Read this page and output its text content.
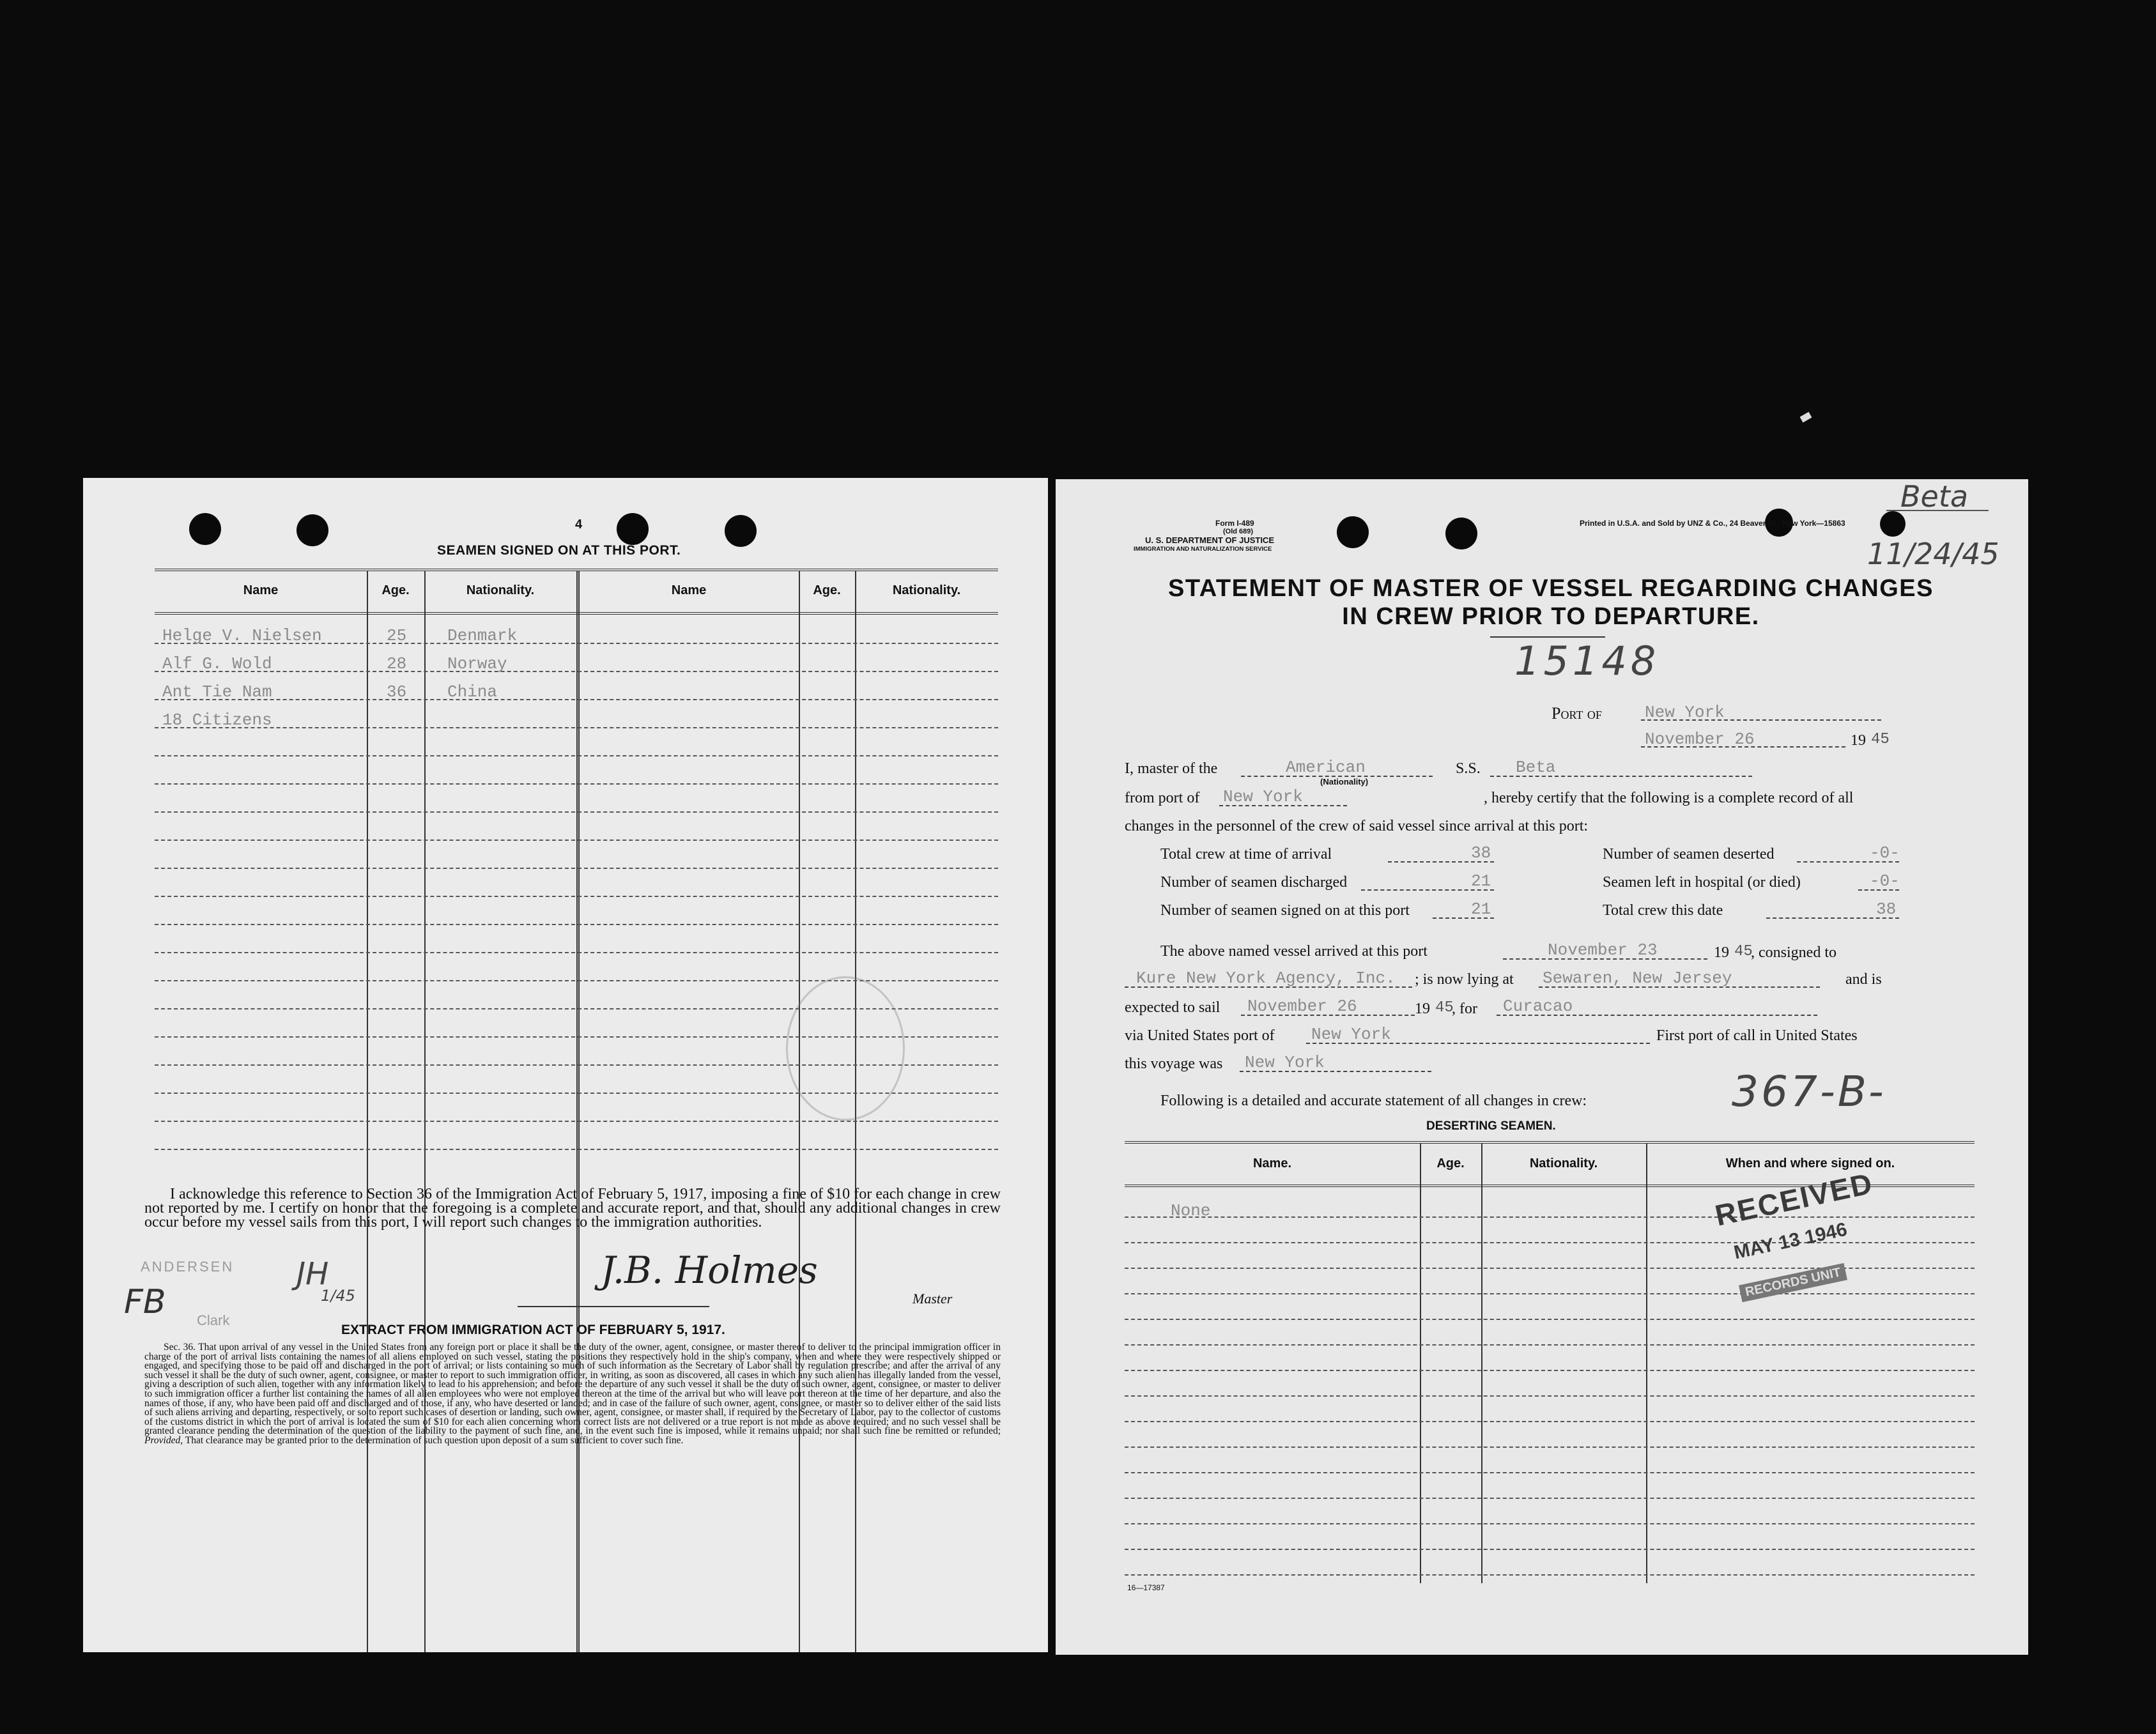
4
SEAMEN SIGNED ON AT THIS PORT.
Name	Age.	Nationality.	Name	Age.	Nationality.
Helge V. Nielsen	25 Denmark
Alf G. Wold	28 Norway
Ant Tie Nam	36 China
18 Citizens
I acknowledge this reference to Section 36 of the Immigration Act of February 5, 1917, imposing a fine of $10 for each change in crew not reported by me. I certify on honor that the foregoing is a complete and accurate report, and that, should any additional changes in crew occur before my vessel sails from this port, I will report such changes to the immigration authorities.
ANDERSEN JH
1/45
FB Clark
J.B. Holmes
Master
EXTRACT FROM IMMIGRATION ACT OF FEBRUARY 5, 1917.
Sec. 36. That upon arrival of any vessel in the United States from any foreign port or place it shall be the duty of the owner, agent, consignee, or master thereof to deliver to the principal immigration officer in charge of the port of arrival lists containing the names of all aliens employed on such vessel, stating the positions they respectively hold in the ship's company, when and where they were respectively shipped or engaged, and specifying those to be paid off and discharged in the port of arrival; or lists containing so much of such information as the Secretary of Labor shall by regulation prescribe; and after the arrival of any such vessel it shall be the duty of such owner, agent, consignee, or master to report to such immigration officer, in writing, as soon as discovered, all cases in which any such alien has illegally landed from the vessel, giving a description of such alien, together with any information likely to lead to his apprehension; and before the departure of any such vessel it shall be the duty of such owner, agent, consignee, or master to deliver to such immigration officer a further list containing the names of all alien employees who were not employed thereon at the time of the arrival but who will leave port thereon at the time of her departure, and also the names of those, if any, who have been paid off and discharged and of those, if any, who have deserted or landed; and in case of the failure of such owner, agent, consignee, or master so to deliver either of the said lists of such aliens arriving and departing, respectively, or so to report such cases of desertion or landing, such owner, agent, consignee, or master shall, if required by the Secretary of Labor, pay to the collector of customs of the customs district in which the port of arrival is located the sum of $10 for each alien concerning whom correct lists are not delivered or a true report is not made as above required; and no such vessel shall be granted clearance pending the determination of the question of the liability to the payment of such fine, and, in the event such fine is imposed, while it remains unpaid; nor shall such fine be remitted or refunded; Provided, That clearance may be granted prior to the determination of such question upon deposit of a sum sufficient to cover such fine.
Form I-489
(Old 689)
U. S. DEPARTMENT OF JUSTICE
IMMIGRATION AND NATURALIZATION SERVICE
Printed in U.S.A. and Sold by UNZ & Co., 24 Beaver St., New York—15863
Beta
11/24/45
STATEMENT OF MASTER OF VESSEL REGARDING CHANGES
IN CREW PRIOR TO DEPARTURE.
15148
Port of	New York
November 26	19 45
I, master of the	American
(Nationality)
S.S. Beta
from port of New York	, hereby certify that the following is a complete record of all
changes in the personnel of the crew of said vessel since arrival at this port:
Total crew at time of arrival	38
Number of seamen discharged	21
Number of seamen signed on at this port	21
Number of seamen deserted	-0-
Seamen left in hospital (or died)	-0-
Total crew this date	38
The above named vessel arrived at this port	November 23	19 45
, consigned to
Kure New York Agency, Inc. ; is now lying at Sewaren, New Jersey	and is
expected to sail November 26	19 45
, for Curacao
via United States port of New York	First port of call in United States
this voyage was New York
Following is a detailed and accurate statement of all changes in crew:	367-B-
DESERTING SEAMEN.
Name.	Age.	Nationality.	When and where signed on.
None	RECEIVED
MAY 13 1946
RECORDS UNIT
16—17387
